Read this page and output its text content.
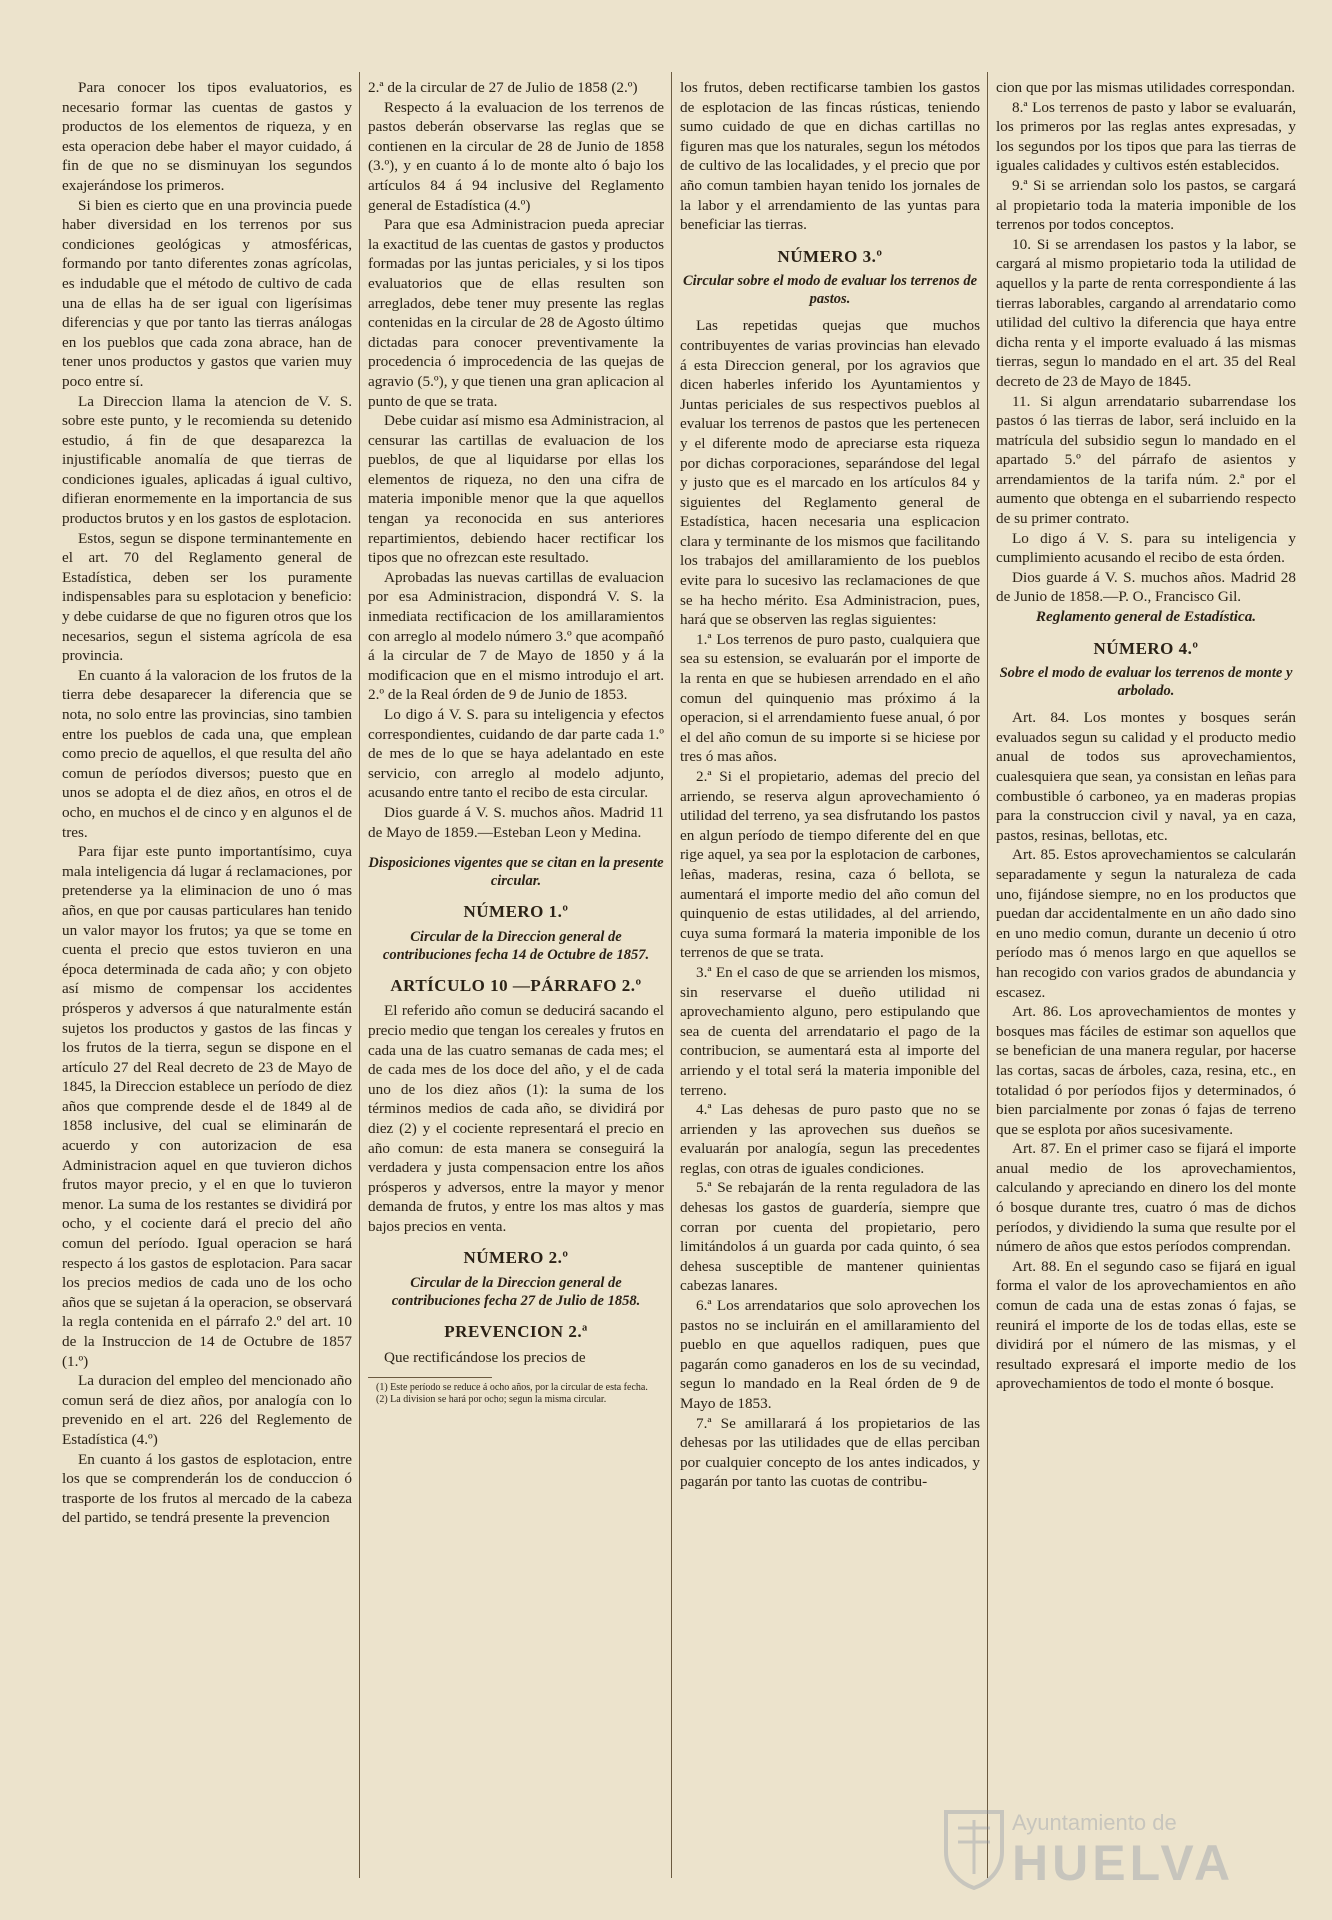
Para conocer los tipos evaluatorios, es necesario formar las cuentas de gastos y productos de los elementos de riqueza, y en esta operacion debe haber el mayor cuidado, á fin de que no se disminuyan los segundos exajerándose los primeros.

Si bien es cierto que en una provincia puede haber diversidad en los terrenos por sus condiciones geológicas y atmosféricas, formando por tanto diferentes zonas agrícolas, es indudable que el método de cultivo de cada una de ellas ha de ser igual con ligerísimas diferencias y que por tanto las tierras análogas en los pueblos que cada zona abrace, han de tener unos productos y gastos que varien muy poco entre sí.

La Direccion llama la atencion de V. S. sobre este punto, y le recomienda su detenido estudio, á fin de que desaparezca la injustificable anomalía de que tierras de condiciones iguales, aplicadas á igual cultivo, difieran enormemente en la importancia de sus productos brutos y en los gastos de esplotacion.

Estos, segun se dispone terminantemente en el art. 70 del Reglamento general de Estadística, deben ser los puramente indispensables para su esplotacion y beneficio: y debe cuidarse de que no figuren otros que los necesarios, segun el sistema agrícola de esa provincia.

En cuanto á la valoracion de los frutos de la tierra debe desaparecer la diferencia que se nota, no solo entre las provincias, sino tambien entre los pueblos de cada una, que emplean como precio de aquellos, el que resulta del año comun de períodos diversos; puesto que en unos se adopta el de diez años, en otros el de ocho, en muchos el de cinco y en algunos el de tres.

Para fijar este punto importantísimo, cuya mala inteligencia dá lugar á reclamaciones, por pretenderse ya la eliminacion de uno ó mas años, en que por causas particulares han tenido un valor mayor los frutos; ya que se tome en cuenta el precio que estos tuvieron en una época determinada de cada año; y con objeto así mismo de compensar los accidentes prósperos y adversos á que naturalmente están sujetos los productos y gastos de las fincas y los frutos de la tierra, segun se dispone en el artículo 27 del Real decreto de 23 de Mayo de 1845, la Direccion establece un período de diez años que comprende desde el de 1849 al de 1858 inclusive, del cual se eliminarán de acuerdo y con autorizacion de esa Administracion aquel en que tuvieron dichos frutos mayor precio, y el en que lo tuvieron menor. La suma de los restantes se dividirá por ocho, y el cociente dará el precio del año comun del período. Igual operacion se hará respecto á los gastos de esplotacion. Para sacar los precios medios de cada uno de los ocho años que se sujetan á la operacion, se observará la regla contenida en el párrafo 2.º del art. 10 de la Instruccion de 14 de Octubre de 1857 (1.º)

La duracion del empleo del mencionado año comun será de diez años, por analogía con lo prevenido en el art. 226 del Reglemento de Estadística (4.º)

En cuanto á los gastos de esplotacion, entre los que se comprenderán los de conduccion ó trasporte de los frutos al mercado de la cabeza del partido, se tendrá presente la prevencion

2.ª de la circular de 27 de Julio de 1858 (2.º)

Respecto á la evaluacion de los terrenos de pastos deberán observarse las reglas que se contienen en la circular de 28 de Junio de 1858 (3.º), y en cuanto á lo de monte alto ó bajo los artículos 84 á 94 inclusive del Reglamento general de Estadística (4.º)

Para que esa Administracion pueda apreciar la exactitud de las cuentas de gastos y productos formadas por las juntas periciales, y si los tipos evaluatorios que de ellas resulten son arreglados, debe tener muy presente las reglas contenidas en la circular de 28 de Agosto último dictadas para conocer preventivamente la procedencia ó improcedencia de las quejas de agravio (5.º), y que tienen una gran aplicacion al punto de que se trata.

Debe cuidar así mismo esa Administracion, al censurar las cartillas de evaluacion de los pueblos, de que al liquidarse por ellas los elementos de riqueza, no den una cifra de materia imponible menor que la que aquellos tengan ya reconocida en sus anteriores repartimientos, debiendo hacer rectificar los tipos que no ofrezcan este resultado.

Aprobadas las nuevas cartillas de evaluacion por esa Administracion, dispondrá V. S. la inmediata rectificacion de los amillaramientos con arreglo al modelo número 3.º que acompañó á la circular de 7 de Mayo de 1850 y á la modificacion que en el mismo introdujo el art. 2.º de la Real órden de 9 de Junio de 1853.

Lo digo á V. S. para su inteligencia y efectos correspondientes, cuidando de dar parte cada 1.º de mes de lo que se haya adelantado en este servicio, con arreglo al modelo adjunto, acusando entre tanto el recibo de esta circular.

Dios guarde á V. S. muchos años. Madrid 11 de Mayo de 1859.—Esteban Leon y Medina.

Disposiciones vigentes que se citan en la presente circular.
NÚMERO 1.º
Circular de la Direccion general de contribuciones fecha 14 de Octubre de 1857.
ARTÍCULO 10 —PÁRRAFO 2.º

El referido año comun se deducirá sacando el precio medio que tengan los cereales y frutos en cada una de las cuatro semanas de cada mes; el de cada mes de los doce del año, y el de cada uno de los diez años (1): la suma de los términos medios de cada año, se dividirá por diez (2) y el cociente representará el precio en año comun: de esta manera se conseguirá la verdadera y justa compensacion entre los años prósperos y adversos, entre la mayor y menor demanda de frutos, y entre los mas altos y mas bajos precios en venta.

NÚMERO 2.º
Circular de la Direccion general de contribuciones fecha 27 de Julio de 1858.
PREVENCION 2.ª

Que rectificándose los precios de

(1) Este período se reduce á ocho años, por la circular de esta fecha.

(2) La division se hará por ocho; segun la misma circular.

los frutos, deben rectificarse tambien los gastos de esplotacion de las fincas rústicas, teniendo sumo cuidado de que en dichas cartillas no figuren mas que los naturales, segun los métodos de cultivo de las localidades, y el precio que por año comun tambien hayan tenido los jornales de la labor y el arrendamiento de las yuntas para beneficiar las tierras.

NÚMERO 3.º
Circular sobre el modo de evaluar los terrenos de pastos.

Las repetidas quejas que muchos contribuyentes de varias provincias han elevado á esta Direccion general, por los agravios que dicen haberles inferido los Ayuntamientos y Juntas periciales de sus respectivos pueblos al evaluar los terrenos de pastos que les pertenecen y el diferente modo de apreciarse esta riqueza por dichas corporaciones, separándose del legal y justo que es el marcado en los artículos 84 y siguientes del Reglamento general de Estadística, hacen necesaria una esplicacion clara y terminante de los mismos que facilitando los trabajos del amillaramiento de los pueblos evite para lo sucesivo las reclamaciones de que se ha hecho mérito. Esa Administracion, pues, hará que se observen las reglas siguientes:

1.ª Los terrenos de puro pasto, cualquiera que sea su estension, se evaluarán por el importe de la renta en que se hubiesen arrendado en el año comun del quinquenio mas próximo á la operacion, si el arrendamiento fuese anual, ó por el del año comun de su importe si se hiciese por tres ó mas años.

2.ª Si el propietario, ademas del precio del arriendo, se reserva algun aprovechamiento ó utilidad del terreno, ya sea disfrutando los pastos en algun período de tiempo diferente del en que rige aquel, ya sea por la esplotacion de carbones, leñas, maderas, resina, caza ó bellota, se aumentará el importe medio del año comun del quinquenio de estas utilidades, al del arriendo, cuya suma formará la materia imponible de los terrenos de que se trata.

3.ª En el caso de que se arrienden los mismos, sin reservarse el dueño utilidad ni aprovechamiento alguno, pero estipulando que sea de cuenta del arrendatario el pago de la contribucion, se aumentará esta al importe del arriendo y el total será la materia imponible del terreno.

4.ª Las dehesas de puro pasto que no se arrienden y las aprovechen sus dueños se evaluarán por analogía, segun las precedentes reglas, con otras de iguales condiciones.

5.ª Se rebajarán de la renta reguladora de las dehesas los gastos de guardería, siempre que corran por cuenta del propietario, pero limitándolos á un guarda por cada quinto, ó sea dehesa susceptible de mantener quinientas cabezas lanares.

6.ª Los arrendatarios que solo aprovechen los pastos no se incluirán en el amillaramiento del pueblo en que aquellos radiquen, pues que pagarán como ganaderos en los de su vecindad, segun lo mandado en la Real órden de 9 de Mayo de 1853.

7.ª Se amillarará á los propietarios de las dehesas por las utilidades que de ellas perciban por cualquier concepto de los antes indicados, y pagarán por tanto las cuotas de contribu-

cion que por las mismas utilidades correspondan.

8.ª Los terrenos de pasto y labor se evaluarán, los primeros por las reglas antes expresadas, y los segundos por los tipos que para las tierras de iguales calidades y cultivos estén establecidos.

9.ª Si se arriendan solo los pastos, se cargará al propietario toda la materia imponible de los terrenos por todos conceptos.

10. Si se arrendasen los pastos y la labor, se cargará al mismo propietario toda la utilidad de aquellos y la parte de renta correspondiente á las tierras laborables, cargando al arrendatario como utilidad del cultivo la diferencia que haya entre dicha renta y el importe evaluado á las mismas tierras, segun lo mandado en el art. 35 del Real decreto de 23 de Mayo de 1845.

11. Si algun arrendatario subarrendase los pastos ó las tierras de labor, será incluido en la matrícula del subsidio segun lo mandado en el apartado 5.º del párrafo de asientos y arrendamientos de la tarifa núm. 2.ª por el aumento que obtenga en el subarriendo respecto de su primer contrato.

Lo digo á V. S. para su inteligencia y cumplimiento acusando el recibo de esta órden.

Dios guarde á V. S. muchos años. Madrid 28 de Junio de 1858.—P. O., Francisco Gil.

Reglamento general de Estadística.

NÚMERO 4.º
Sobre el modo de evaluar los terrenos de monte y arbolado.

Art. 84. Los montes y bosques serán evaluados segun su calidad y el producto medio anual de todos sus aprovechamientos, cualesquiera que sean, ya consistan en leñas para combustible ó carboneo, ya en maderas propias para la construccion civil y naval, ya en caza, pastos, resinas, bellotas, etc.

Art. 85. Estos aprovechamientos se calcularán separadamente y segun la naturaleza de cada uno, fijándose siempre, no en los productos que puedan dar accidentalmente en un año dado sino en uno medio comun, durante un decenio ú otro período mas ó menos largo en que aquellos se han recogido con varios grados de abundancia y escasez.

Art. 86. Los aprovechamientos de montes y bosques mas fáciles de estimar son aquellos que se benefician de una manera regular, por hacerse las cortas, sacas de árboles, caza, resina, etc., en totalidad ó por períodos fijos y determinados, ó bien parcialmente por zonas ó fajas de terreno que se esplota por años sucesivamente.

Art. 87. En el primer caso se fijará el importe anual medio de los aprovechamientos, calculando y apreciando en dinero los del monte ó bosque durante tres, cuatro ó mas de dichos períodos, y dividiendo la suma que resulte por el número de años que estos períodos comprendan.

Art. 88. En el segundo caso se fijará en igual forma el valor de los aprovechamientos en año comun de cada una de estas zonas ó fajas, se reunirá el importe de los de todas ellas, este se dividirá por el número de las mismas, y el resultado expresará el importe medio de los aprovechamientos de todo el monte ó bosque.

Ayuntamiento de
HUELVA
